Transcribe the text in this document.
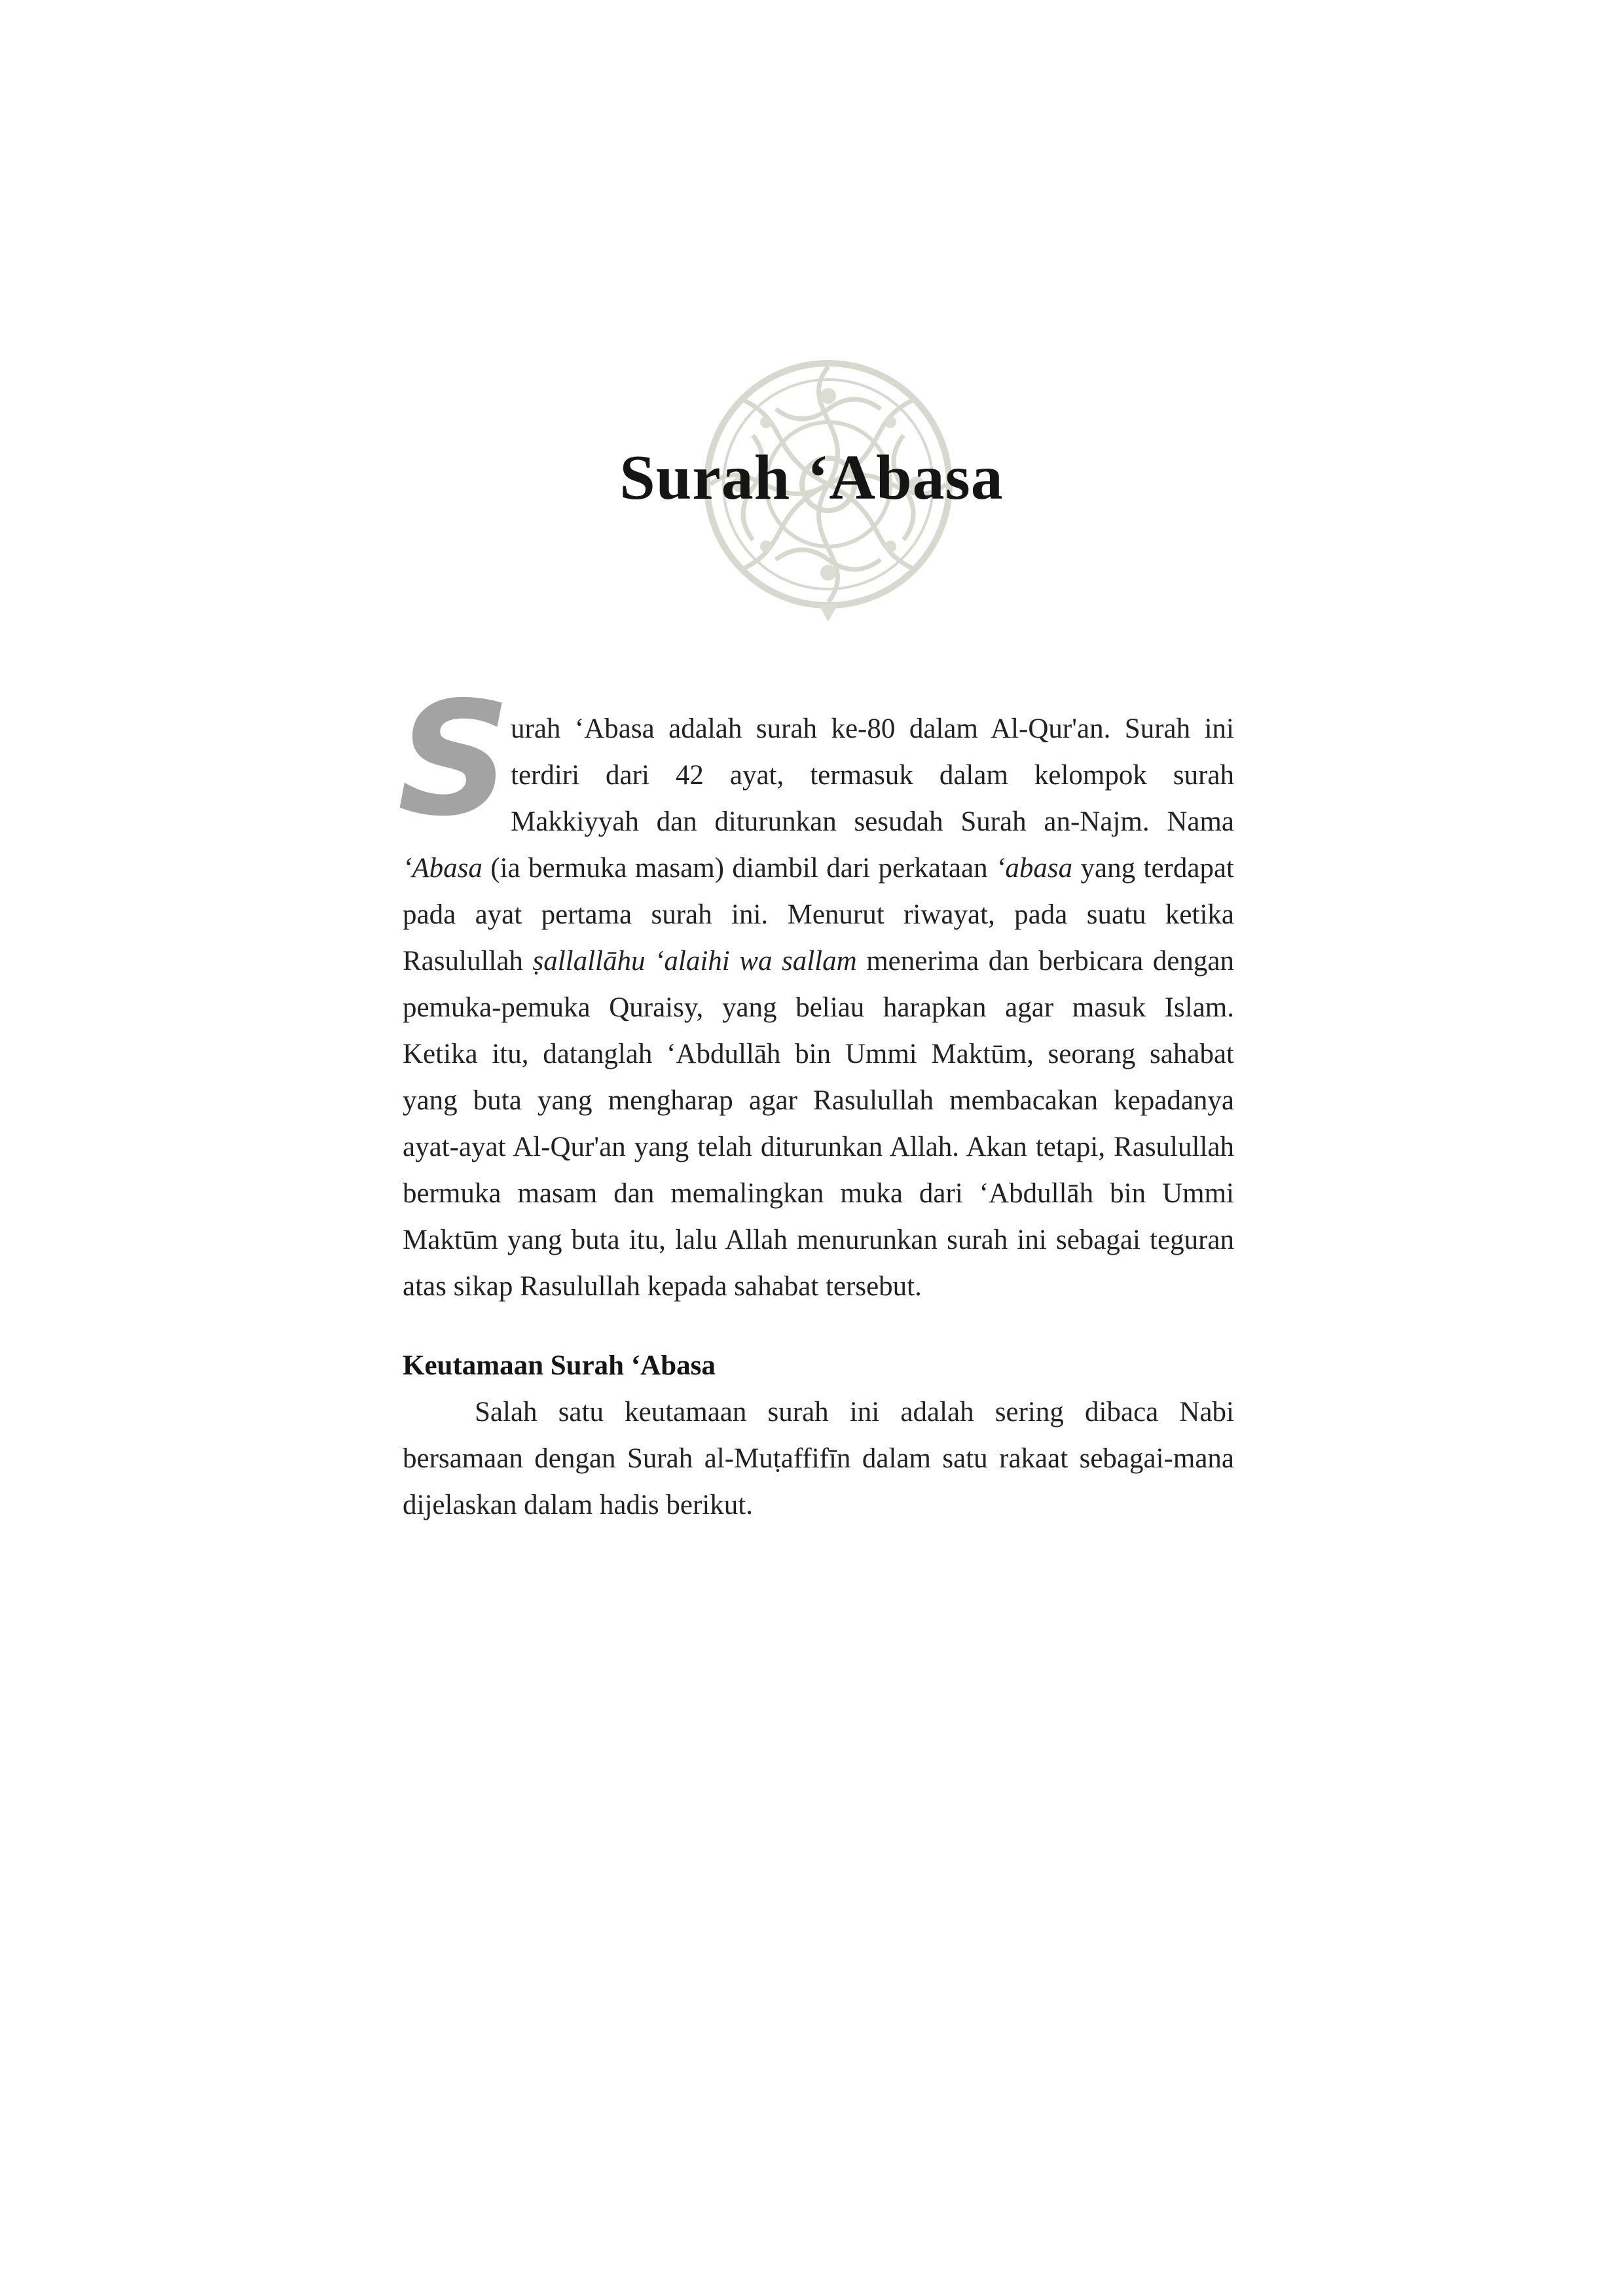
Surah ‘Abasa

S urah ‘Abasa adalah surah ke-80 dalam Al-Qur'an. Surah ini terdiri dari 42 ayat, termasuk dalam kelompok surah Makkiyyah dan diturunkan sesudah Surah an-Najm. Nama ‘Abasa (ia bermuka masam) diambil dari perkataan ‘abasa yang terdapat pada ayat pertama surah ini. Menurut riwayat, pada suatu ketika Rasulullah ṣallallāhu ‘alaihi wa sallam menerima dan berbicara dengan pemuka-pemuka Quraisy, yang beliau harapkan agar masuk Islam. Ketika itu, datanglah ‘Abdullāh bin Ummi Maktūm, seorang sahabat yang buta yang mengharap agar Rasulullah membacakan kepadanya ayat-ayat Al-Qur'an yang telah diturunkan Allah. Akan tetapi, Rasulullah bermuka masam dan memalingkan muka dari ‘Abdullāh bin Ummi Maktūm yang buta itu, lalu Allah menurunkan surah ini sebagai teguran atas sikap Rasulullah kepada sahabat tersebut.

Keutamaan Surah ‘Abasa

Salah satu keutamaan surah ini adalah sering dibaca Nabi bersamaan dengan Surah al-Muṭaffifīn dalam satu rakaat sebagai-mana dijelaskan dalam hadis berikut.
